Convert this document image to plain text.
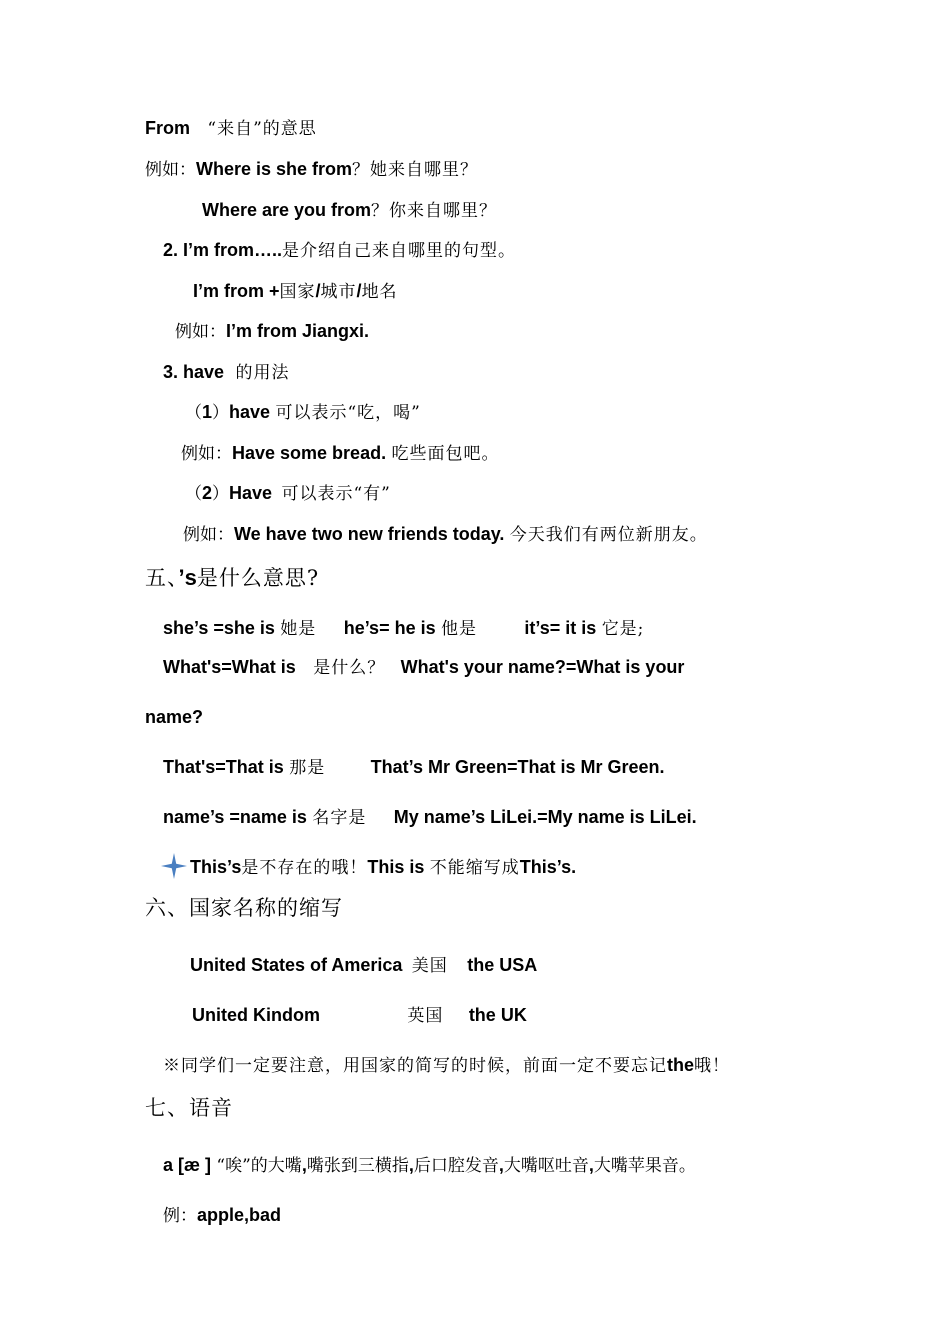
From “来自”的意思
例如：Where is she from？她来自哪里？
Where are you from？你来自哪里？
2. I’m from…..是介绍自己来自哪里的句型。
I’m from +国家/城市/地名
例如：I’m from Jiangxi.
3. have 的用法
（1）have 可以表示“吃，喝”
例如：Have some bread. 吃些面包吧。
（2）Have 可以表示“有”
例如：We have two new friends today. 今天我们有两位新朋友。
五、’s是什么意思?
she’s =she is 她是 he’s= he is 他是	it’s= it is 它是;
What's=What is 是什么？ What's your name?=What is your
name?
That's=That is 那是	That’s Mr Green=That is Mr Green.
name’s =name is 名字是 My name’s LiLei.=My name is LiLei.
This’s是不存在的哦！This is 不能缩写成This’s.
六、国家名称的缩写
United States of America 美国 the USA
United Kindom	英国 the UK
※同学们一定要注意，用国家的简写的时候，前面一定不要忘记the哦！
七、语音
a [æ ] “唉”的大嘴,嘴张到三横指,后口腔发音,大嘴呕吐音,大嘴苹果音。
例：apple,bad
